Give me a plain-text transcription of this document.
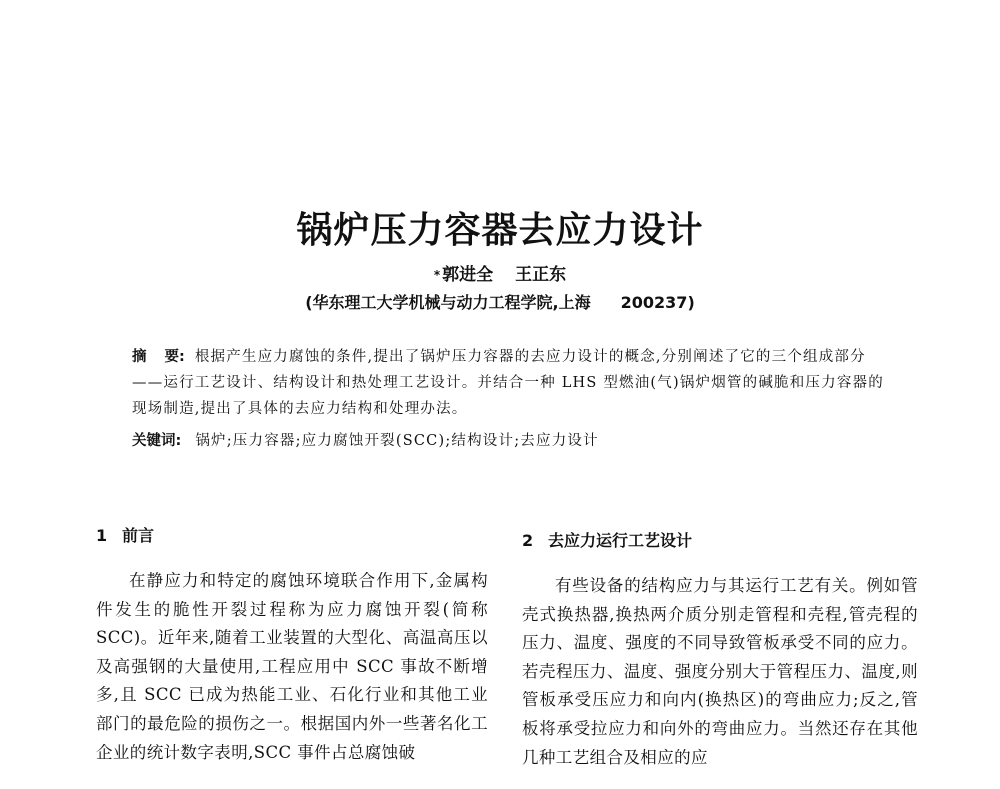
锅炉压力容器去应力设计
* 郭进全 王正东
(华东理工大学机械与动力工程学院,上海 200237)
摘 要: 根据产生应力腐蚀的条件,提出了锅炉压力容器的去应力设计的概念,分别阐述了它的三个组成部分——运行工艺设计、结构设计和热处理工艺设计。并结合一种 LHS 型燃油(气)锅炉烟管的碱脆和压力容器的现场制造,提出了具体的去应力结构和处理办法。
关键词: 锅炉;压力容器;应力腐蚀开裂(SCC);结构设计;去应力设计
1 前言

在静应力和特定的腐蚀环境联合作用下,金属构件发生的脆性开裂过程称为应力腐蚀开裂(简称SCC)。近年来,随着工业装置的大型化、高温高压以及高强钢的大量使用,工程应用中 SCC 事故不断增多,且 SCC 已成为热能工业、石化行业和其他工业部门的最危险的损伤之一。根据国内外一些著名化工企业的统计数字表明,SCC 事件占总腐蚀破

2 去应力运行工艺设计

有些设备的结构应力与其运行工艺有关。例如管壳式换热器,换热两介质分别走管程和壳程,管壳程的压力、温度、强度的不同导致管板承受不同的应力。若壳程压力、温度、强度分别大于管程压力、温度,则管板承受压应力和向内(换热区)的弯曲应力;反之,管板将承受拉应力和向外的弯曲应力。当然还存在其他几种工艺组合及相应的应
